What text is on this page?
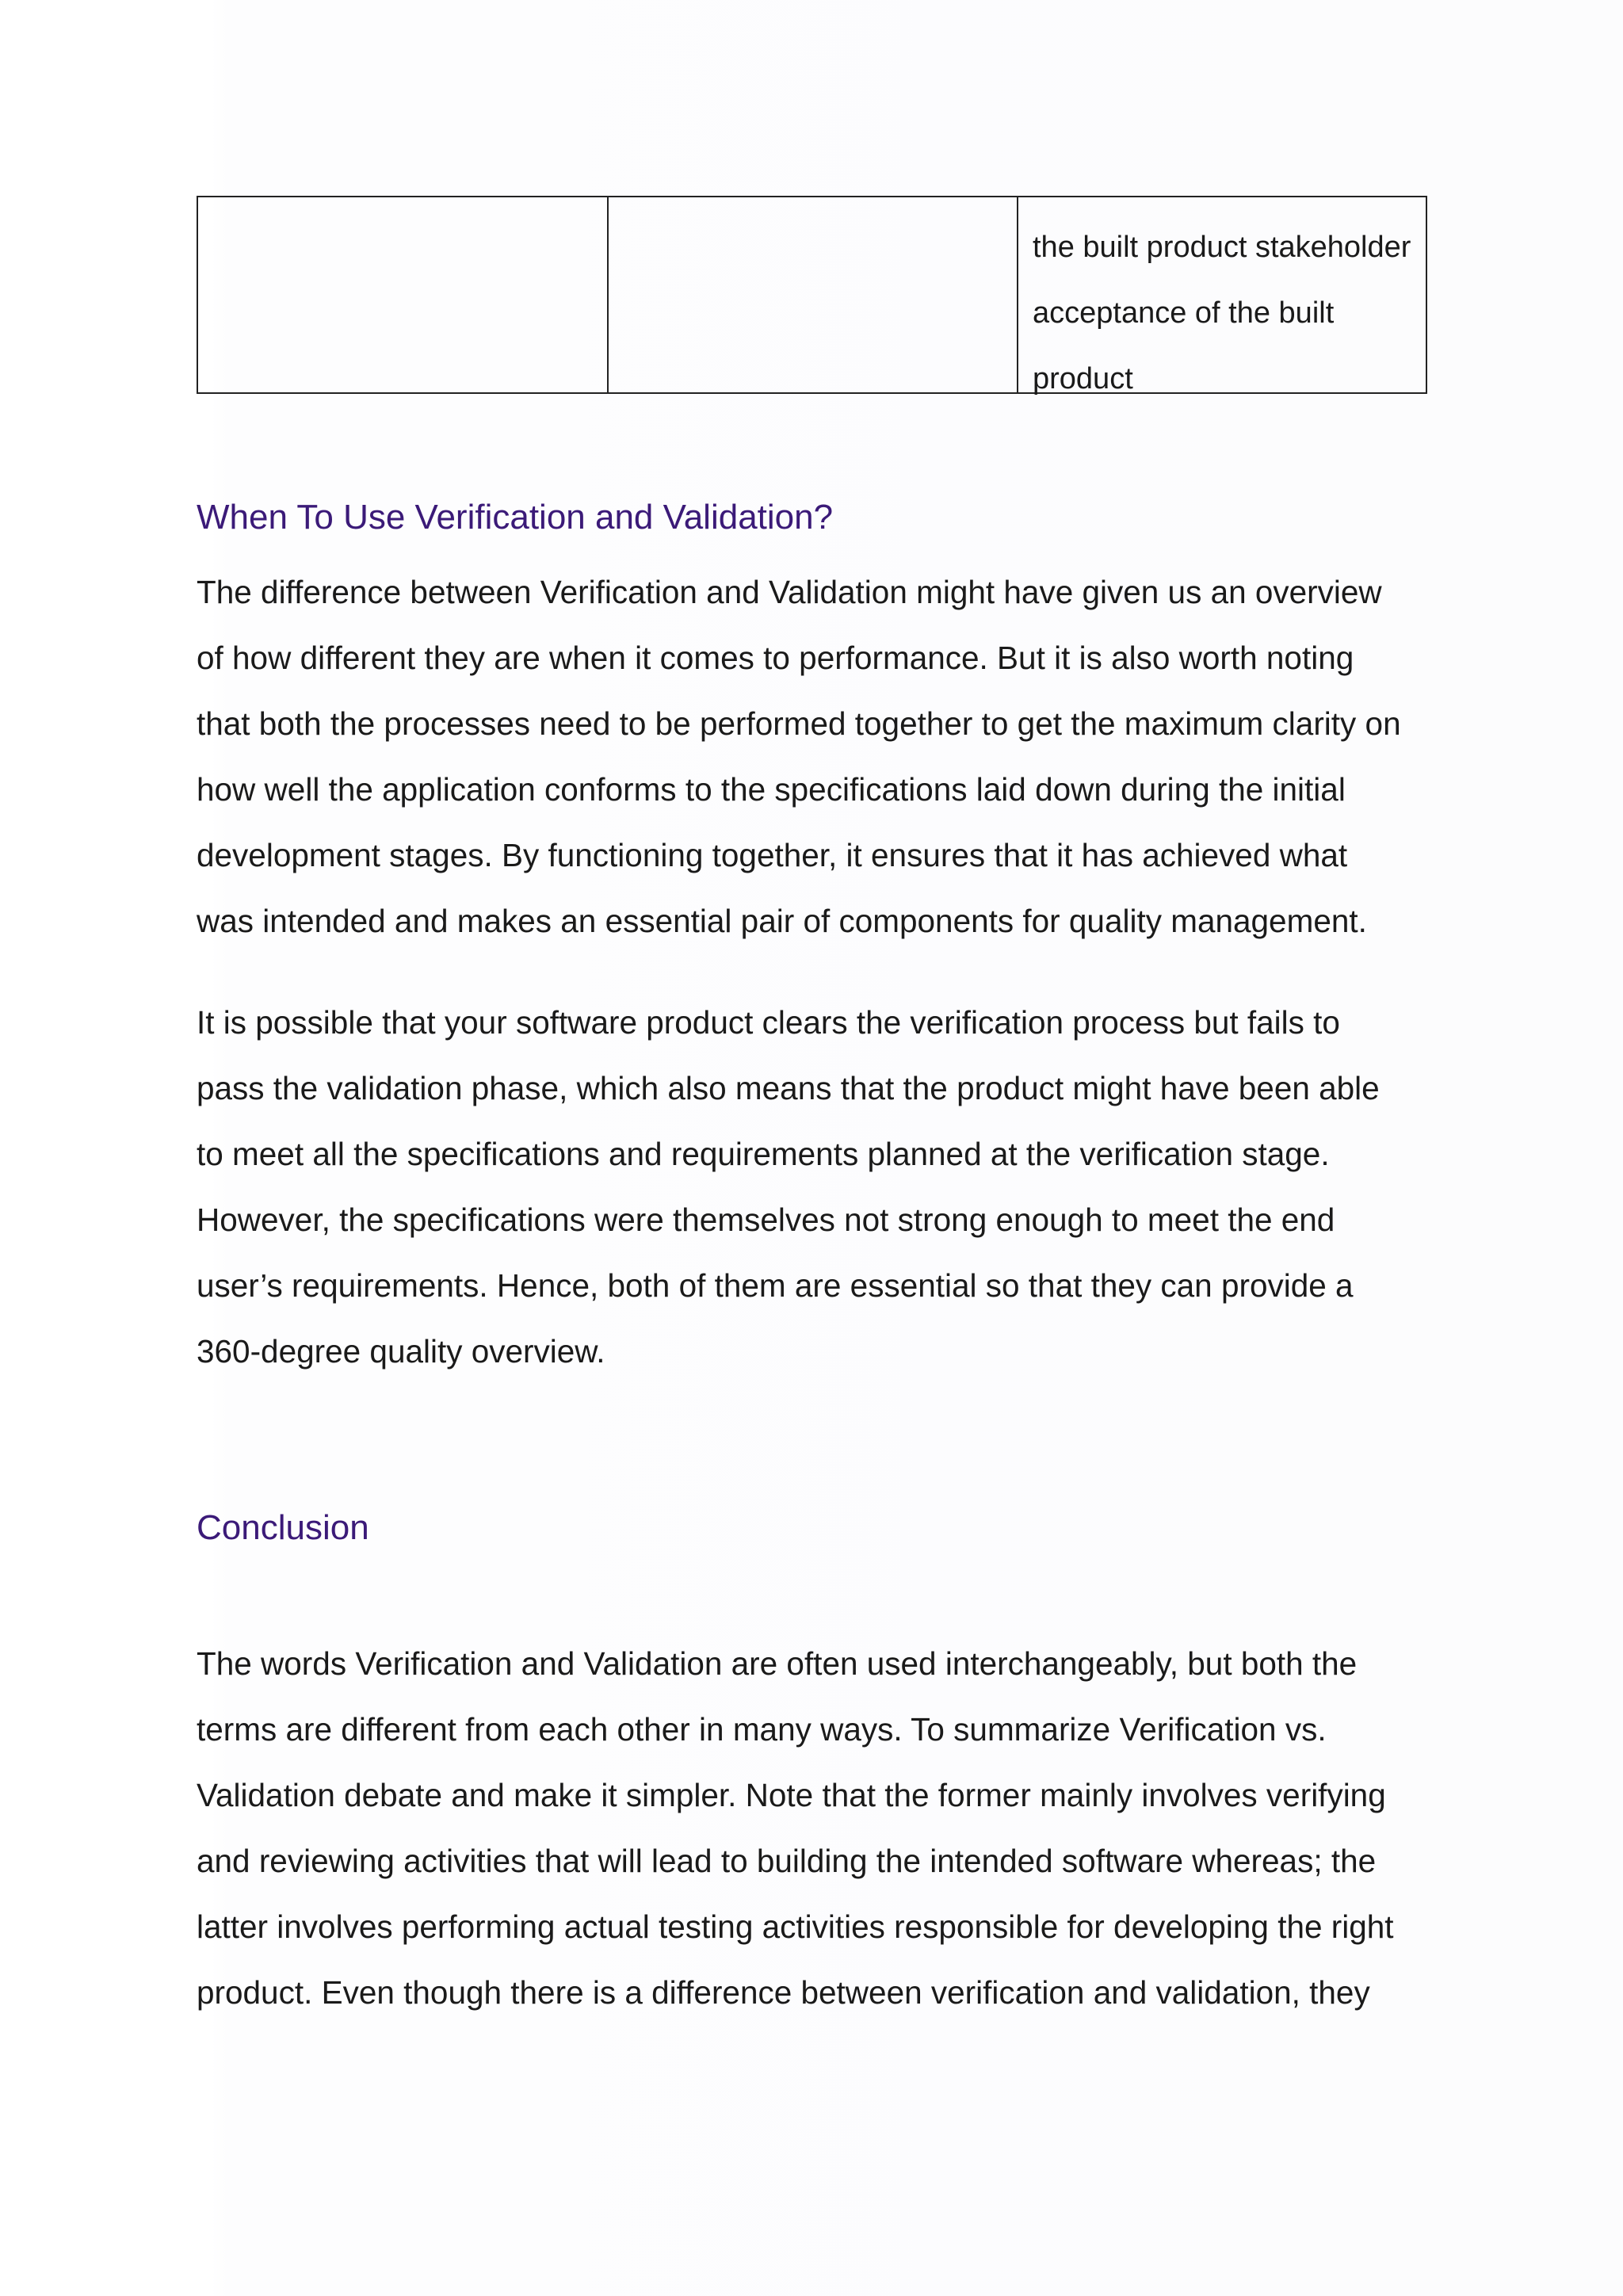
the built product stakeholder
acceptance of the built
product
When To Use Verification and Validation?

The difference between Verification and Validation might have given us an overview
of how different they are when it comes to performance. But it is also worth noting
that both the processes need to be performed together to get the maximum clarity on
how well the application conforms to the specifications laid down during the initial
development stages. By functioning together, it ensures that it has achieved what
was intended and makes an essential pair of components for quality management.

It is possible that your software product clears the verification process but fails to
pass the validation phase, which also means that the product might have been able
to meet all the specifications and requirements planned at the verification stage.
However, the specifications were themselves not strong enough to meet the end
user’s requirements. Hence, both of them are essential so that they can provide a
360-degree quality overview.

Conclusion

The words Verification and Validation are often used interchangeably, but both the
terms are different from each other in many ways. To summarize Verification vs.
Validation debate and make it simpler. Note that the former mainly involves verifying
and reviewing activities that will lead to building the intended software whereas; the
latter involves performing actual testing activities responsible for developing the right
product. Even though there is a difference between verification and validation, they
